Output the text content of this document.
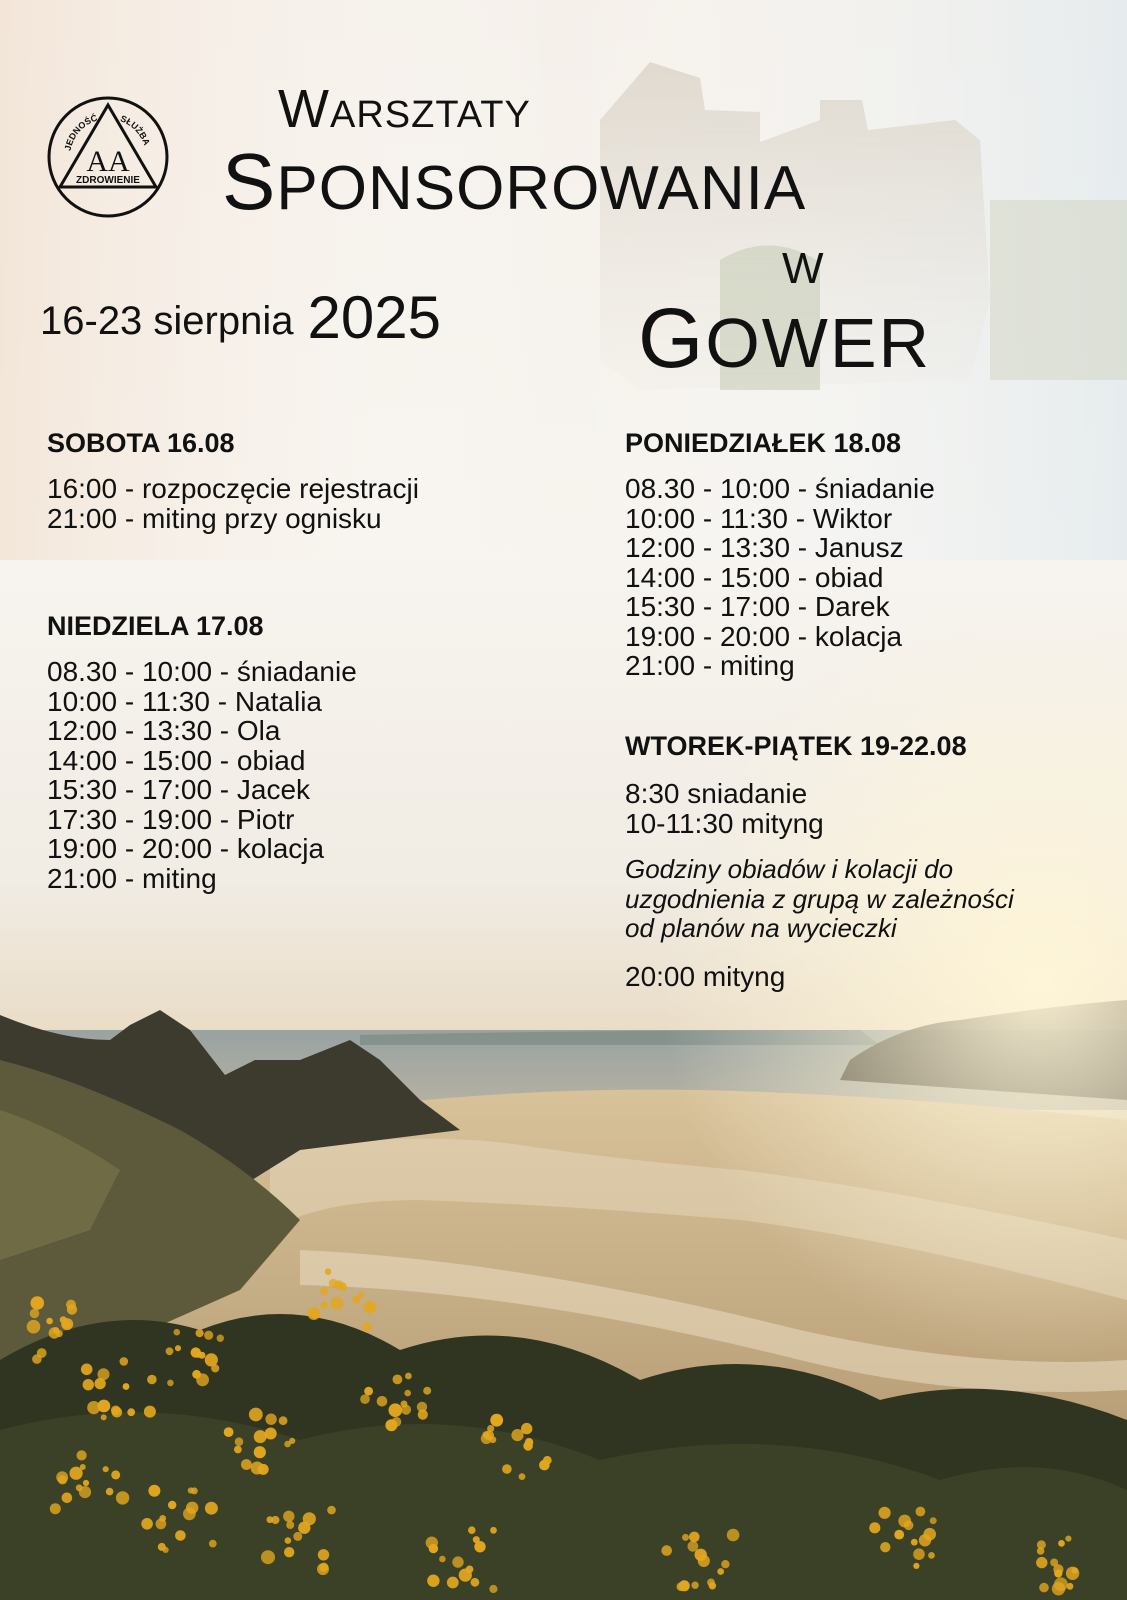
JEDNOŚĆ SŁUŻBA
AA
ZDROWIENIE
WARSZTATY
SPONSOROWANIA
W
GOWER
16-23 sierpnia 2025
SOBOTA 16.08
16:00 - rozpoczęcie rejestracji
21:00 - miting przy ognisku
NIEDZIELA 17.08
08.30 - 10:00 - śniadanie
10:00 - 11:30 - Natalia
12:00 - 13:30 - Ola
14:00 - 15:00 - obiad
15:30 - 17:00 - Jacek
17:30 - 19:00 - Piotr
19:00 - 20:00 - kolacja
21:00 - miting
PONIEDZIAŁEK 18.08
08.30 - 10:00 - śniadanie
10:00 - 11:30 - Wiktor
12:00 - 13:30 - Janusz
14:00 - 15:00 - obiad
15:30 - 17:00 - Darek
19:00 - 20:00 - kolacja
21:00 - miting
WTOREK-PIĄTEK 19-22.08
8:30 sniadanie
10-11:30 mityng
Godziny obiadów i kolacji do
uzgodnienia z grupą w zależności
od planów na wycieczki
20:00 mityng
